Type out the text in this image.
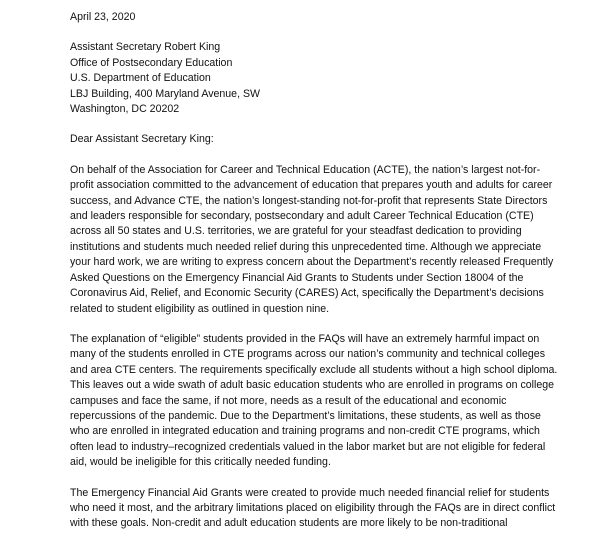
April 23, 2020
Assistant Secretary Robert King
Office of Postsecondary Education
U.S. Department of Education
LBJ Building, 400 Maryland Avenue, SW
Washington, DC 20202
Dear Assistant Secretary King:

On behalf of the Association for Career and Technical Education (ACTE), the nation’s largest not-for-profit association committed to the advancement of education that prepares youth and adults for career success, and Advance CTE, the nation’s longest-standing not-for-profit that represents State Directors and leaders responsible for secondary, postsecondary and adult Career Technical Education (CTE) across all 50 states and U.S. territories, we are grateful for your steadfast dedication to providing institutions and students much needed relief during this unprecedented time. Although we appreciate your hard work, we are writing to express concern about the Department’s recently released Frequently Asked Questions on the Emergency Financial Aid Grants to Students under Section 18004 of the Coronavirus Aid, Relief, and Economic Security (CARES) Act, specifically the Department’s decisions related to student eligibility as outlined in question nine.

The explanation of “eligible” students provided in the FAQs will have an extremely harmful impact on many of the students enrolled in CTE programs across our nation’s community and technical colleges and area CTE centers. The requirements specifically exclude all students without a high school diploma. This leaves out a wide swath of adult basic education students who are enrolled in programs on college campuses and face the same, if not more, needs as a result of the educational and economic repercussions of the pandemic. Due to the Department’s limitations, these students, as well as those who are enrolled in integrated education and training programs and non-credit CTE programs, which often lead to industry–recognized credentials valued in the labor market but are not eligible for federal aid, would be ineligible for this critically needed funding.

The Emergency Financial Aid Grants were created to provide much needed financial relief for students who need it most, and the arbitrary limitations placed on eligibility through the FAQs are in direct conflict with these goals. Non-credit and adult education students are more likely to be non-traditional
